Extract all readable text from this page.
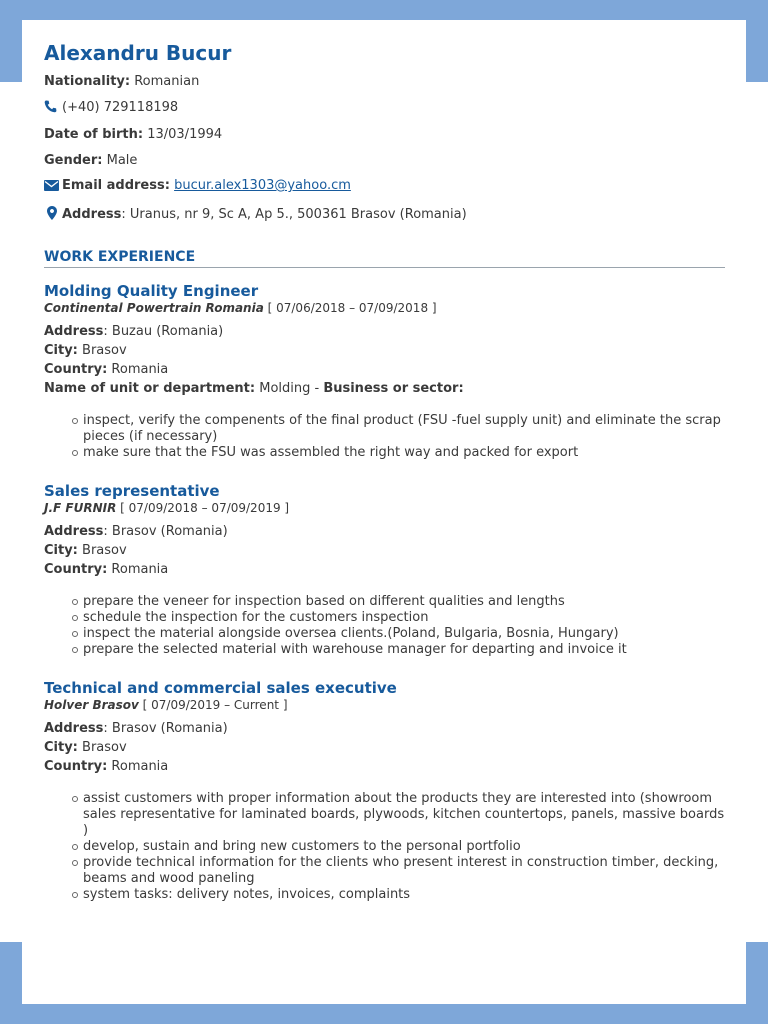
Alexandru Bucur

Nationality: Romanian

(+40) 729118198

Date of birth: 13/03/1994

Gender: Male

Email address: bucur.alex1303@yahoo.cm

Address: Uranus, nr 9, Sc A, Ap 5., 500361 Brasov (Romania)

WORK EXPERIENCE
Molding Quality Engineer

Continental Powertrain Romania [ 07/06/2018 – 07/09/2018 ]

Address: Buzau (Romania)

City: Brasov

Country: Romania

Name of unit or department: Molding - Business or sector:

inspect, verify the compenents of the final product (FSU -fuel supply unit) and eliminate the scrap pieces (if necessary)
make sure that the FSU was assembled the right way and packed for export
Sales representative

J.F FURNIR [ 07/09/2018 – 07/09/2019 ]

Address: Brasov (Romania)

City: Brasov

Country: Romania

prepare the veneer for inspection based on different qualities and lengths
schedule the inspection for the customers inspection
inspect the material alongside oversea clients.(Poland, Bulgaria, Bosnia, Hungary)
prepare the selected material with warehouse manager for departing and invoice it
Technical and commercial sales executive

Holver Brasov [ 07/09/2019 – Current ]

Address: Brasov (Romania)

City: Brasov

Country: Romania

assist customers with proper information about the products they are interested into (showroom sales representative for laminated boards, plywoods, kitchen countertops, panels, massive boards )
develop, sustain and bring new customers to the personal portfolio
provide technical information for the clients who present interest in construction timber, decking, beams and wood paneling
system tasks: delivery notes, invoices, complaints
